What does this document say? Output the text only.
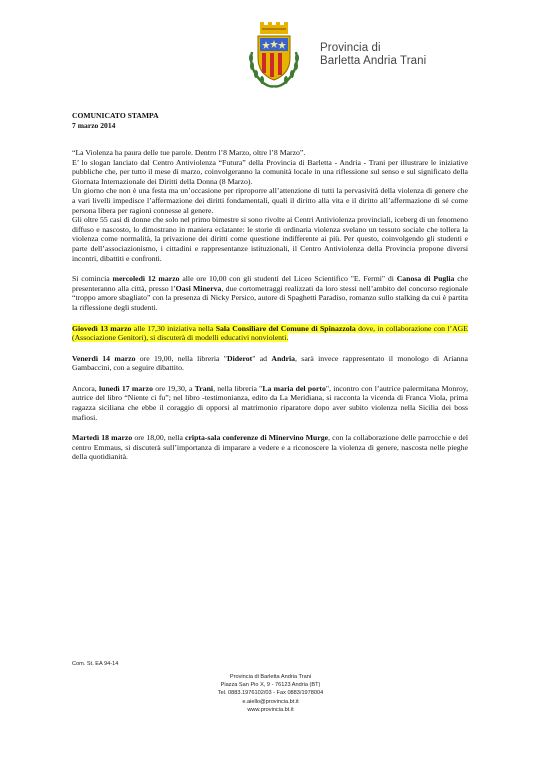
Provincia di
Barletta Andria Trani
COMUNICATO STAMPA
7 marzo 2014

“La Violenza ha paura delle tue parole. Dentro l’8 Marzo, oltre l’8 Marzo”.

E’ lo slogan lanciato dal Centro Antiviolenza “Futura” della Provincia di Barletta - Andria - Trani per illustrare le iniziative pubbliche che, per tutto il mese di marzo, coinvolgeranno la comunità locale in una riflessione sul senso e sul significato della Giornata Internazionale dei Diritti della Donna (8 Marzo).

Un giorno che non è una festa ma un’occasione per riproporre all’attenzione di tutti la pervasività della violenza di genere che a vari livelli impedisce l’affermazione dei diritti fondamentali, quali il diritto alla vita e il diritto all’affermazione di sé come persona libera per ragioni connesse al genere.

Gli oltre 55 casi di donne che solo nel primo bimestre si sono rivolte ai Centri Antiviolenza provinciali, iceberg di un fenomeno diffuso e nascosto, lo dimostrano in maniera eclatante: le storie di ordinaria violenza svelano un tessuto sociale che tollera la violenza come normalità, la privazione dei diritti come questione indifferente ai più. Per questo, coinvolgendo gli studenti e parte dell’associazionismo, i cittadini e rappresentanze istituzionali, il Centro Antiviolenza della Provincia propone diversi incontri, dibattiti e confronti.

Si comincia mercoledì 12 marzo alle ore 10,00 con gli studenti del Liceo Scientifico "E. Fermi" di Canosa di Puglia che presenteranno alla città, presso l’Oasi Minerva, due cortometraggi realizzati da loro stessi nell’ambito del concorso regionale “troppo amore sbagliato” con la presenza di Nicky Persico, autore di Spaghetti Paradiso, romanzo sullo stalking da cui è partita la riflessione degli studenti.

Giovedì 13 marzo alle 17,30 iniziativa nella Sala Consiliare del Comune di Spinazzola dove, in collaborazione con l’AGE (Associazione Genitori), si discuterà di modelli educativi nonviolenti.

Venerdì 14 marzo ore 19,00, nella libreria "Diderot" ad Andria, sarà invece rappresentato il monologo di Arianna Gambaccini, con a seguire dibattito.

Ancora, lunedì 17 marzo ore 19,30, a Trani, nella libreria "La maria del porto", incontro con l’autrice palermitana Monroy, autrice del libro “Niente ci fu”; nel libro -testimonianza, edito da La Meridiana, si racconta la vicenda di Franca Viola, prima ragazza siciliana che ebbe il coraggio di opporsi al matrimonio riparatore dopo aver subito violenza nella Sicilia dei boss mafiosi.

Martedì 18 marzo ore 18,00, nella cripta-sala conferenze di Minervino Murge, con la collaborazione delle parrocchie e del centro Emmaus, si discuterà sull’importanza di imparare a vedere e a riconoscere la violenza di genere, nascosta nelle pieghe della quotidianità.

Com. St. EA 94-14
Provincia di Barletta Andria Trani
Piazza San Pio X, 9 - 76123 Andria (BT)
Tel. 0883.1976102/03 - Fax 0883/1978004
e.aiello@provincia.bt.it
www.provincia.bt.it
